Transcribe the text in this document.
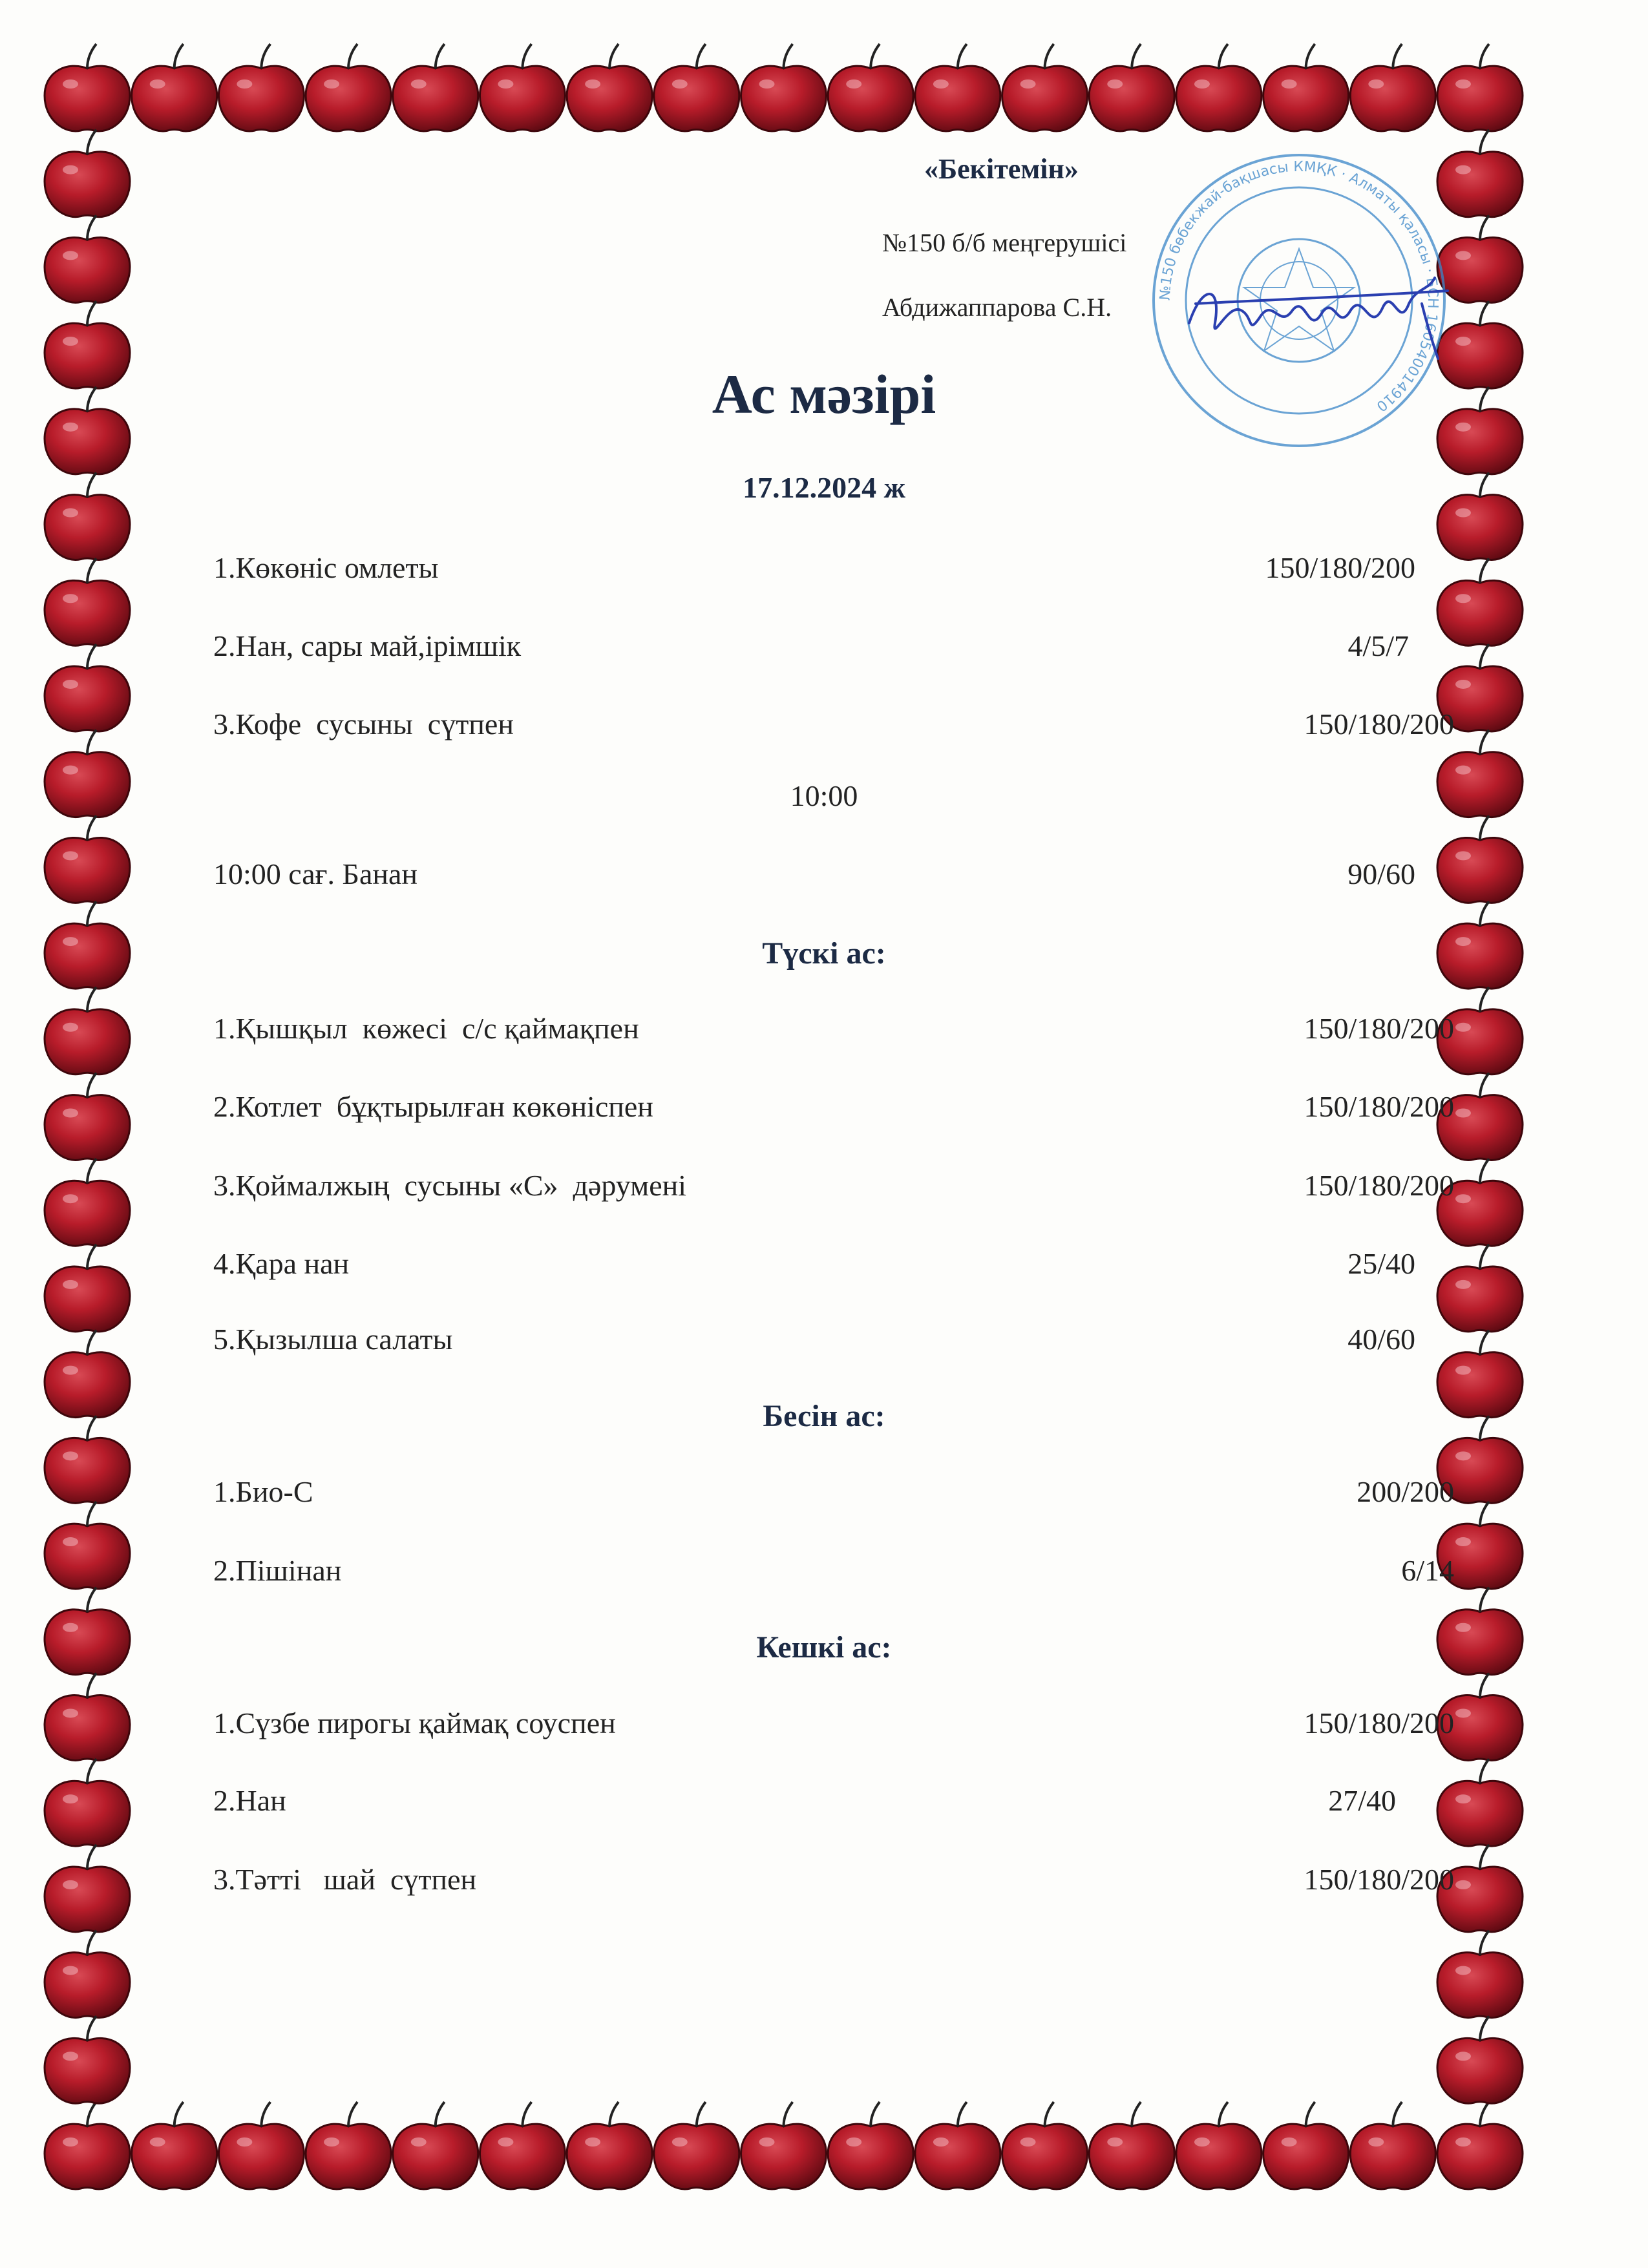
«Бекітемін»
№150 б/б меңгерушісі
Абдижаппарова С.Н.	№150 бөбекжай-бақшасы КМҚК · Алматы қаласы · БСН 160540014910
Ас мәзірі
17.12.2024 ж
1.Көкөніс омлеты	150/180/200
2.Нан, сары май,ірімшік	4/5/7
3.Кофе  сусыны  сүтпен	150/180/200
10:00
10:00 сағ. Банан	90/60
Түскі ас:
1.Қышқыл  көжесі  с/с қаймақпен	150/180/200
2.Котлет  бұқтырылған көкөніспен	150/180/200
3.Қоймалжың  сусыны «С»  дәрумені	150/180/200
4.Қара нан	25/40
5.Қызылша салаты	40/60
Бесін ас:
1.Био-С	200/200
2.Пішінан	6/14
Кешкі ас:
1.Сүзбе пирогы қаймақ соуспен	150/180/200
2.Нан	27/40
3.Тәтті   шай  сүтпен	150/180/200
